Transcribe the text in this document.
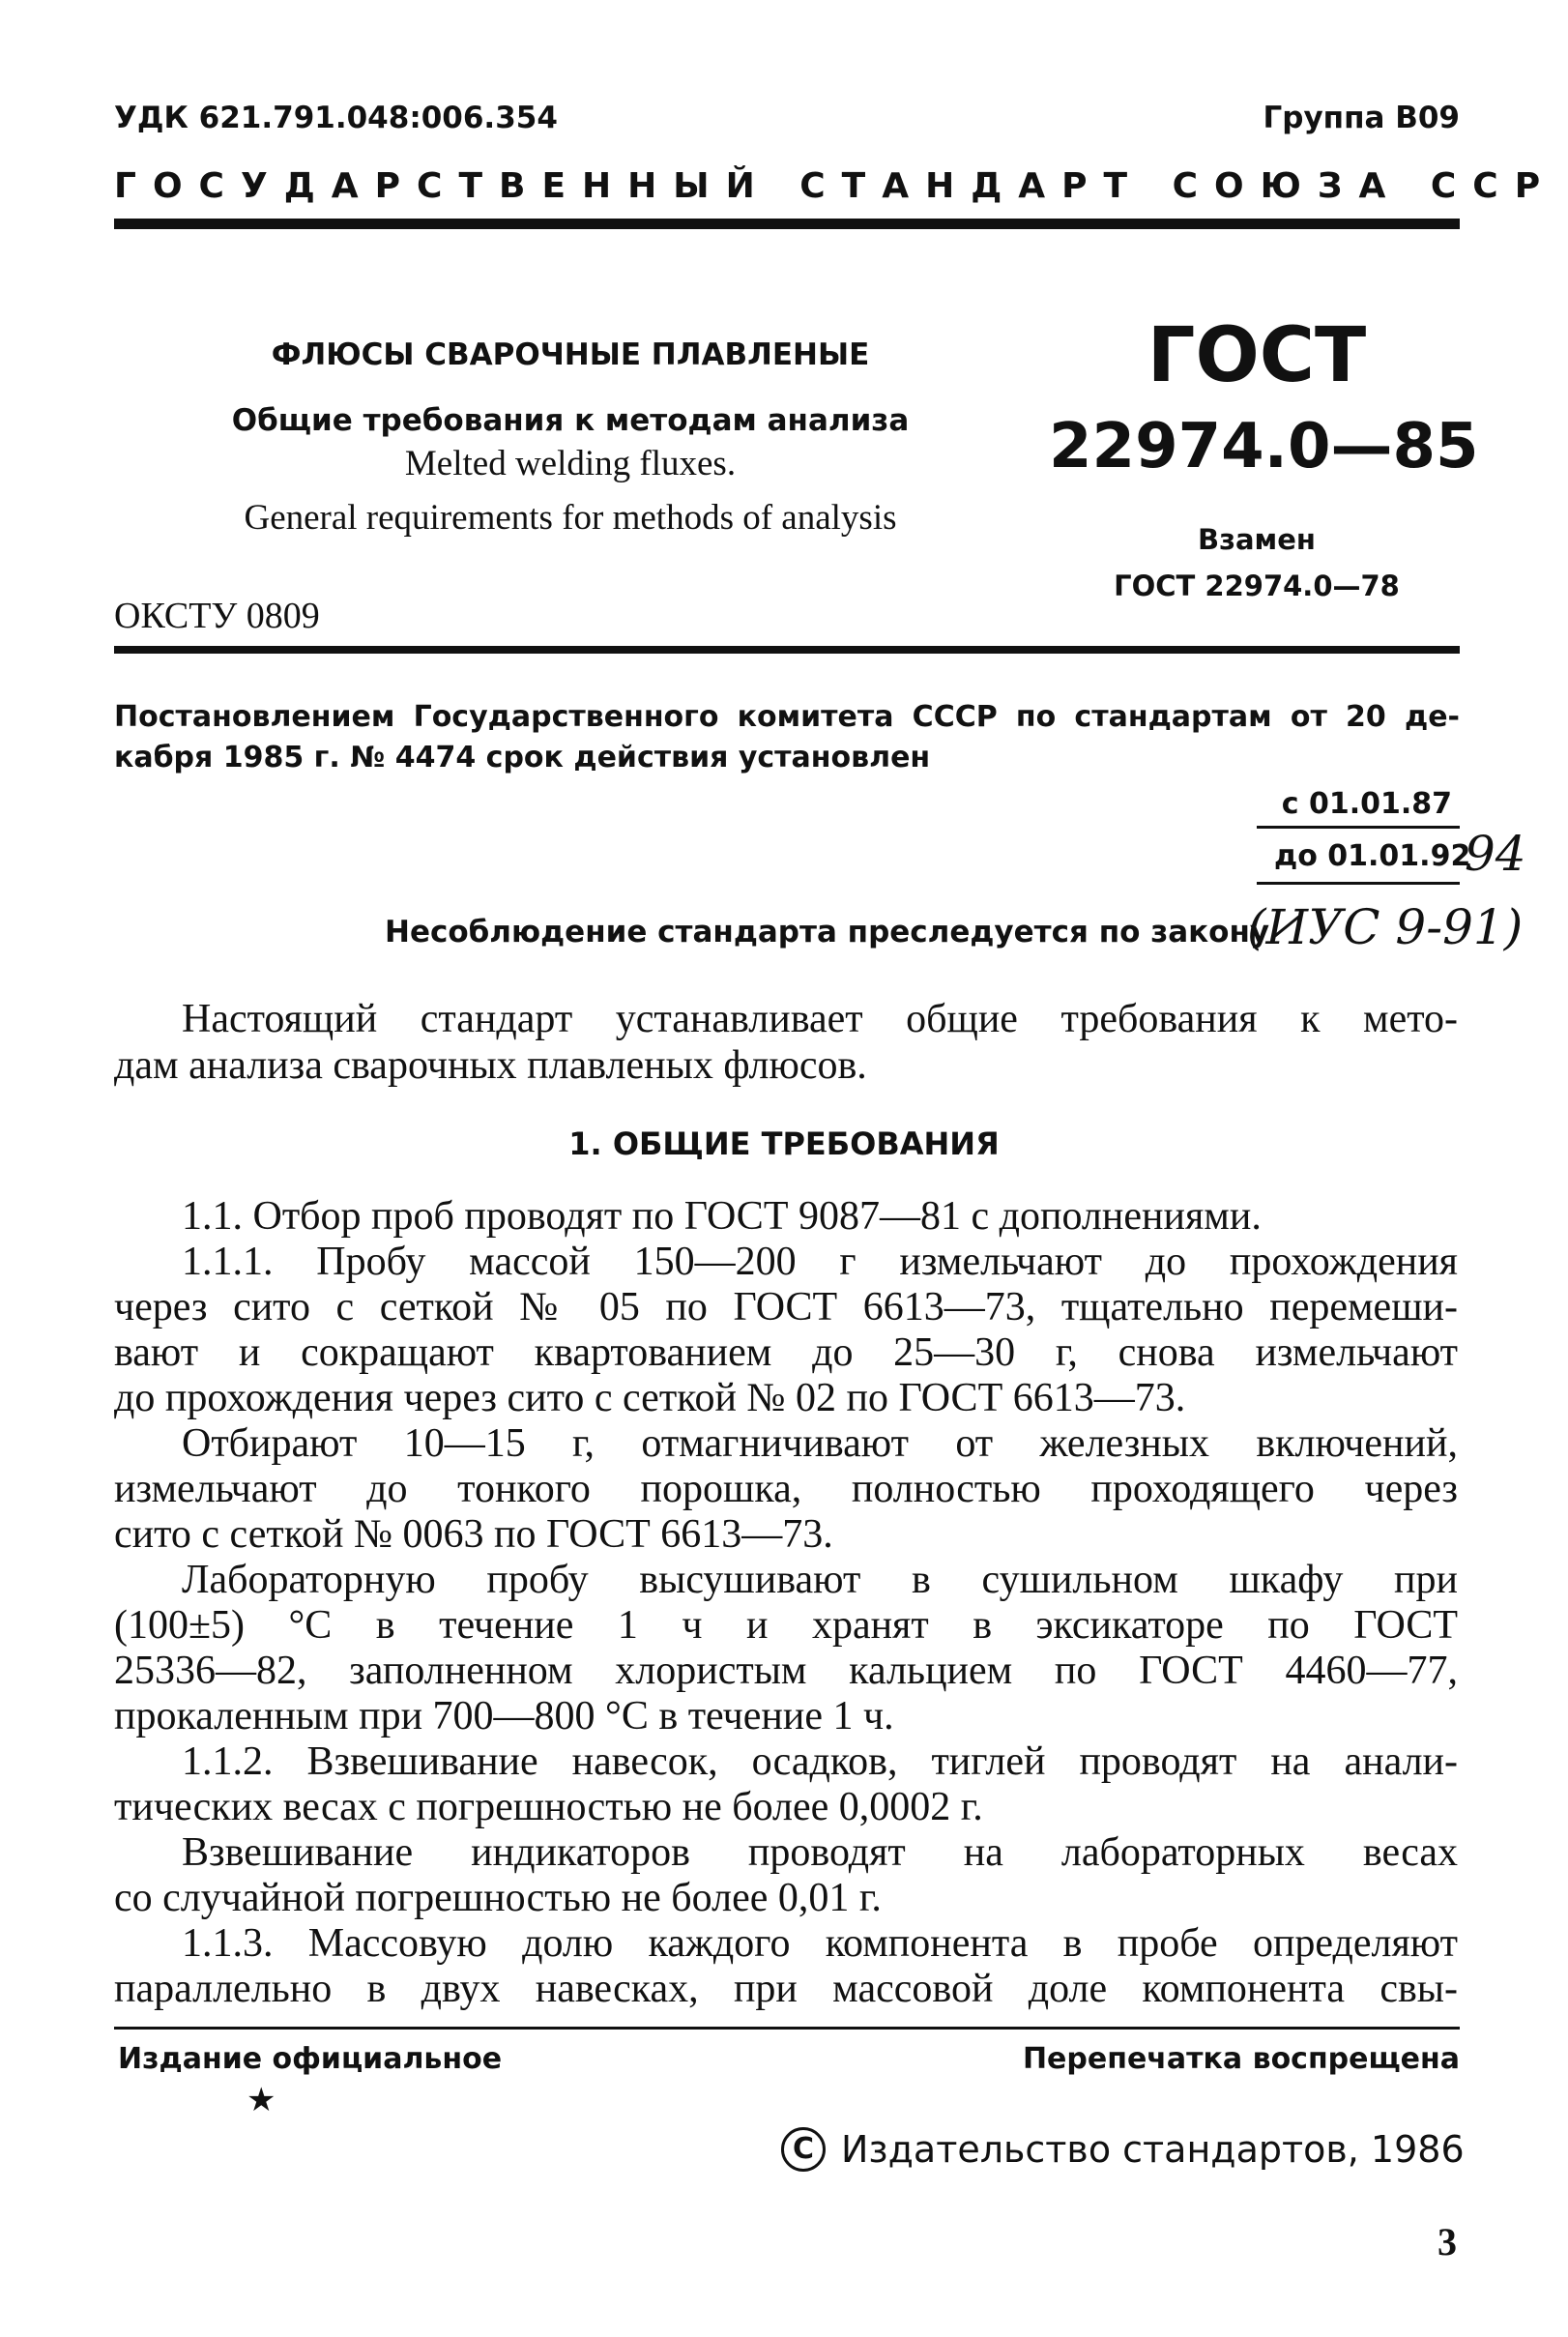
УДК 621.791.048:006.354	Группа В09

ГОСУДАРСТВЕННЫЙ СТАНДАРТ СОЮЗА ССР

ФЛЮСЫ СВАРОЧНЫЕ ПЛАВЛЕНЫЕ
Общие требования к методам анализа
Melted welding fluxes.
General requirements for methods of analysis

ОКСТУ 0809

ГОСТ
22974.0—85
Взамен
ГОСТ 22974.0—78

Постановлением Государственного комитета СССР по стандартам от 20 де-

кабря 1985 г. № 4474 срок действия установлен

с 01.01.87

до 01.01.92

94

(ИУС 9-91)

Несоблюдение стандарта преследуется по закону

Настоящий стандарт устанавливает общие требования к мето-

дам анализа сварочных плавленых флюсов.

1. ОБЩИЕ ТРЕБОВАНИЯ

1.1. Отбор проб проводят по ГОСТ 9087—81 с дополнениями.

1.1.1. Пробу массой 150—200 г измельчают до прохождения

через сито с сеткой № 05 по ГОСТ 6613—73, тщательно перемеши-

вают и сокращают квартованием до 25—30 г, снова измельчают

до прохождения через сито с сеткой № 02 по ГОСТ 6613—73.

Отбирают 10—15 г, отмагничивают от железных включений,

измельчают до тонкого порошка, полностью проходящего через

сито с сеткой № 0063 по ГОСТ 6613—73.

Лабораторную пробу высушивают в сушильном шкафу при

(100±5) °С в течение 1 ч и хранят в эксикаторе по ГОСТ

25336—82, заполненном хлористым кальцием по ГОСТ 4460—77,

прокаленным при 700—800 °С в течение 1 ч.

1.1.2. Взвешивание навесок, осадков, тиглей проводят на анали-

тических весах с погрешностью не более 0,0002 г.

Взвешивание индикаторов проводят на лабораторных весах

со случайной погрешностью не более 0,01 г.

1.1.3. Массовую долю каждого компонента в пробе определяют

параллельно в двух навесках, при массовой доле компонента свы-

Издание официальное

★

Перепечатка воспрещена

C Издательство стандартов, 1986

3
